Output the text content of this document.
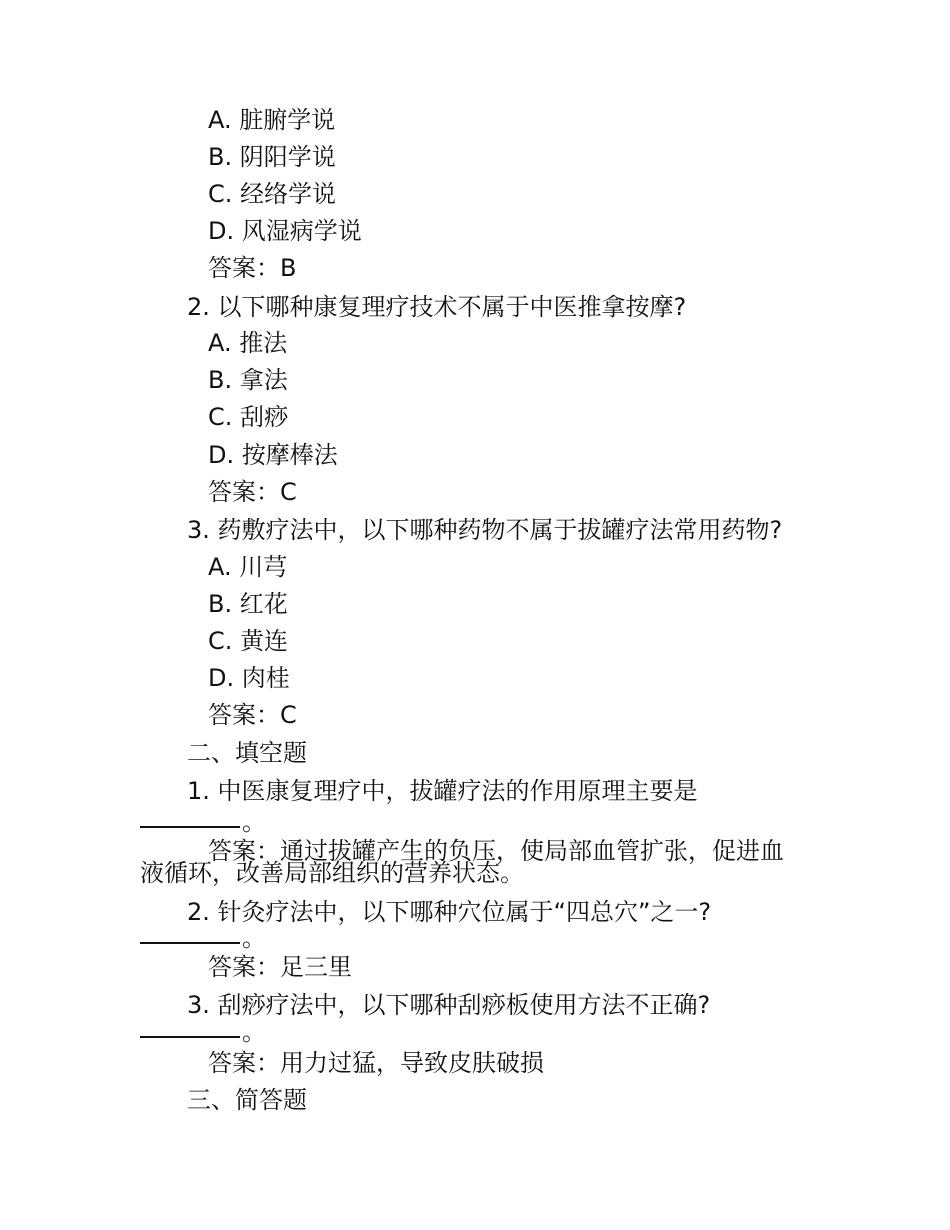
A. 脏腑学说
B. 阴阳学说
C. 经络学说
D. 风湿病学说
答案：B
2. 以下哪种康复理疗技术不属于中医推拿按摩?
A. 推法
B. 拿法
C. 刮痧
D. 按摩棒法
答案：C
3. 药敷疗法中，以下哪种药物不属于拔罐疗法常用药物?
A. 川芎
B. 红花
C. 黄连
D. 肉桂
答案：C
二、填空题
1. 中医康复理疗中，拔罐疗法的作用原理主要是
。
答案：通过拔罐产生的负压，使局部血管扩张，促进血
液循环，改善局部组织的营养状态。
2. 针灸疗法中，以下哪种穴位属于“四总穴”之一?
。
答案：足三里
3. 刮痧疗法中，以下哪种刮痧板使用方法不正确?
。
答案：用力过猛，导致皮肤破损
三、简答题
